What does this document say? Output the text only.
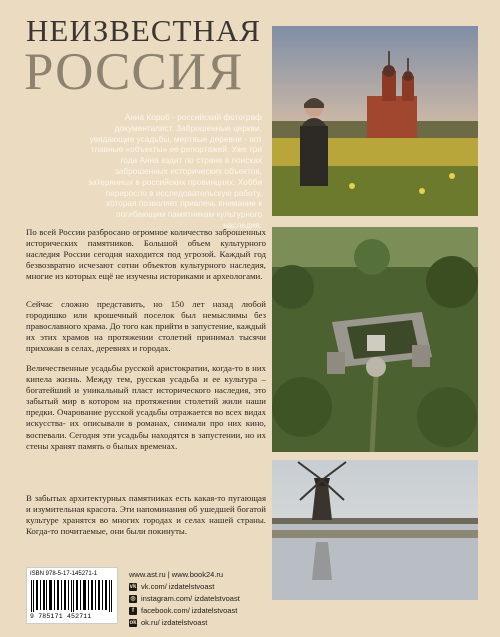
НЕИЗВЕСТНАЯ
РОССИЯ
Анна Короб - российский фотограф документалист. Заброшенные церкви, увядающие усадьбы, мертвые деревни - вот главные «объекты» ее репортажей. Уже три года Анна ездит по стране в поисках заброшенных исторических объектов, затерянных в российских провинциях. Хобби переросло в исследовательскую работу, которая позволяет привлечь внимание к погибающим памятникам культурного наследия.
По всей России разбросано огромное количество заброшенных исторических памятников. Большой объем культурного наследия России сегодня находится под угрозой. Каждый год безвозвратно исчезают сотни объектов культурного наследия, многие из которых ещё не изучены историками и археологами.
Сейчас сложно представить, но 150 лет назад любой городишко или крошечный поселок был немыслимы без православного храма. До того как прийти в запустение, каждый их этих храмов на протяжении столетий принимал тысячи прихожан в селах, деревнях и городах.
Величественные усадьбы русской аристократии, когда-то в них кипела жизнь. Между тем, русская усадьба и ее культура – богатейший и уникальный пласт исторического наследия, это забытый мир в котором на протяжении столетий жили наши предки. Очарование русской усадьбы отражается во всех видах искусства- их описывали в романах, снимали про них кино, воспевали. Сегодня эти усадьбы находятся в запустении, но их стены хранят память о былых временах.
В забытых архитектурных памятниках есть какая-то пугающая и изумительная красота. Эти напоминания об ушедшей богатой культуре хранятся во многих городах и селах нашей страны. Когда-то почитаемые, они были покинуты.
ISBN 978-5-17-145271-1
9 785171 452711
www.ast.ru | www.book24.ru
vk vk.com/ izdatelstvoast
◎ instagram.com/ izdatelstvoast
f facebook.com/ izdatelstvoast
ok ok.ru/ izdatelstvoast
